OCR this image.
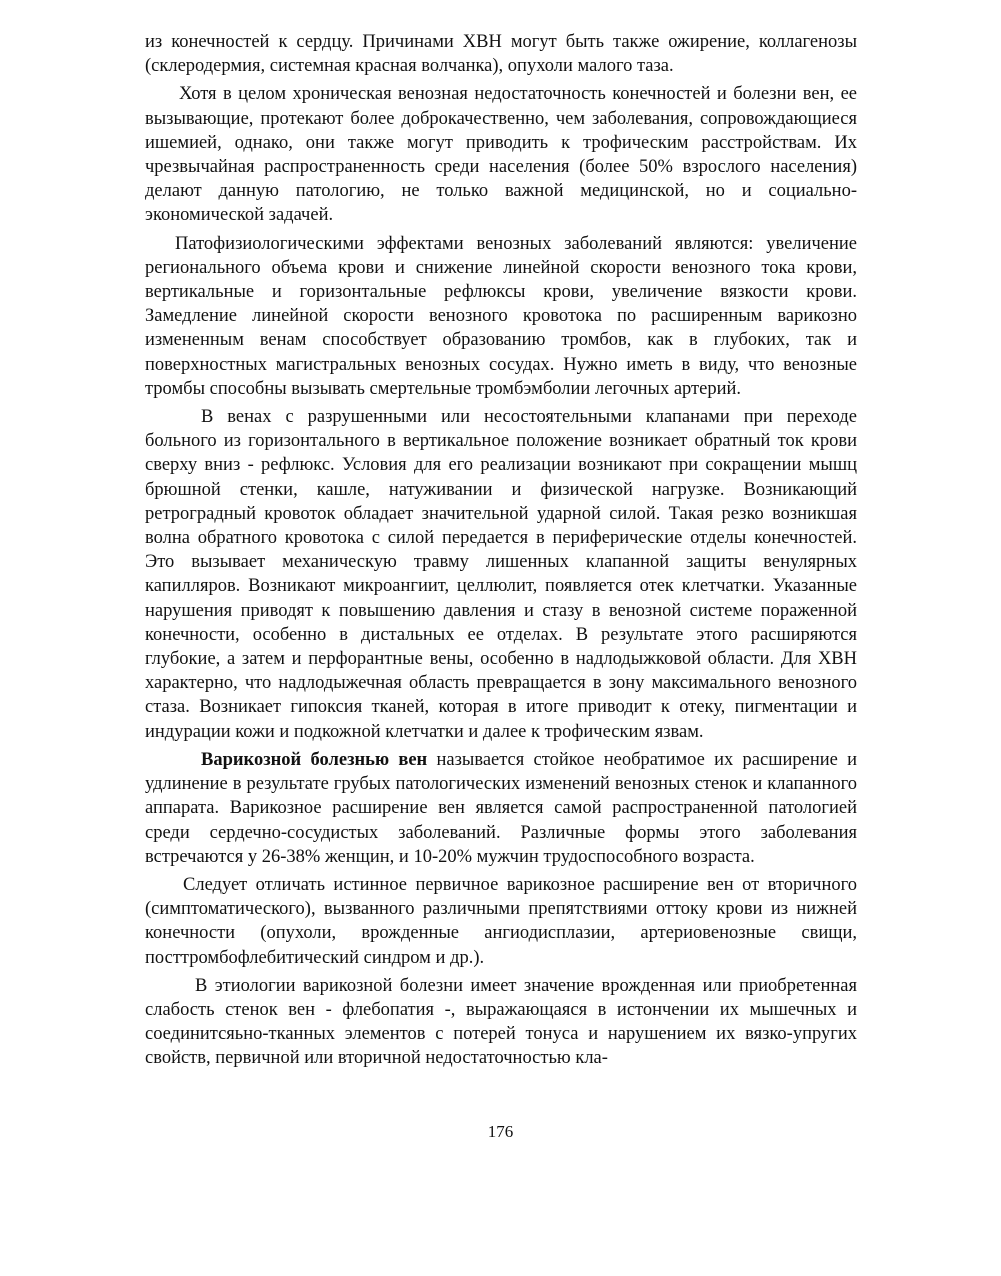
из конечностей к сердцу. Причинами ХВН могут быть также ожирение, коллагенозы (склеродермия, системная красная волчанка), опухоли малого таза.

Хотя в целом хроническая венозная недостаточность конечностей и болезни вен, ее вызывающие, протекают более доброкачественно, чем заболевания, сопровождающиеся ишемией, однако, они также могут приводить к трофическим расстройствам. Их чрезвычайная распространенность среди населения (более 50% взрослого населения) делают данную патологию, не только важной медицинской, но и социально-экономической задачей.

Патофизиологическими эффектами венозных заболеваний являются: увеличение регионального объема крови и снижение линейной скорости венозного тока крови, вертикальные и горизонтальные рефлюксы крови, увеличение вязкости крови. Замедление линейной скорости венозного кровотока по расширенным варикозно измененным венам способствует образованию тромбов, как в глубоких, так и поверхностных магистральных венозных сосудах. Нужно иметь в виду, что венозные тромбы способны вызывать смертельные тромбэмболии легочных артерий.

В венах с разрушенными или несостоятельными клапанами при переходе больного из горизонтального в вертикальное положение возникает обратный ток крови сверху вниз - рефлюкс. Условия для его реализации возникают при сокращении мышц брюшной стенки, кашле, натуживании и физической нагрузке. Возникающий ретроградный кровоток обладает значительной ударной силой. Такая резко возникшая волна обратного кровотока с силой передается в периферические отделы конечностей. Это вызывает механическую травму лишенных клапанной защиты венулярных капилляров. Возникают микроангиит, целлюлит, появляется отек клетчатки. Указанные нарушения приводят к повышению давления и стазу в венозной системе пораженной конечности, особенно в дистальных ее отделах. В результате этого расширяются глубокие, а затем и перфорантные вены, особенно в надлодыжковой области. Для ХВН характерно, что надлодыжечная область превращается в зону максимального венозного стаза. Возникает гипоксия тканей, которая в итоге приводит к отеку, пигментации и индурации кожи и подкожной клетчатки и далее к трофическим язвам.

Варикозной болезнью вен называется стойкое необратимое их расширение и удлинение в результате грубых патологических изменений венозных стенок и клапанного аппарата. Варикозное расширение вен является самой распространенной патологией среди сердечно-сосудистых заболеваний. Различные формы этого заболевания встречаются у 26-38% женщин, и 10-20% мужчин трудоспособного возраста.

Следует отличать истинное первичное варикозное расширение вен от вторичного (симптоматического), вызванного различными препятствиями оттоку крови из нижней конечности (опухоли, врожденные ангиодисплазии, артериовенозные свищи, посттромбофлебитический синдром и др.).

В этиологии варикозной болезни имеет значение врожденная или приобретенная слабость стенок вен - флебопатия -, выражающаяся в истончении их мышечных и соединитсяьно-тканных элементов с потерей тонуса и нарушением их вязко-упругих свойств, первичной или вторичной недостаточностью кла-

176
